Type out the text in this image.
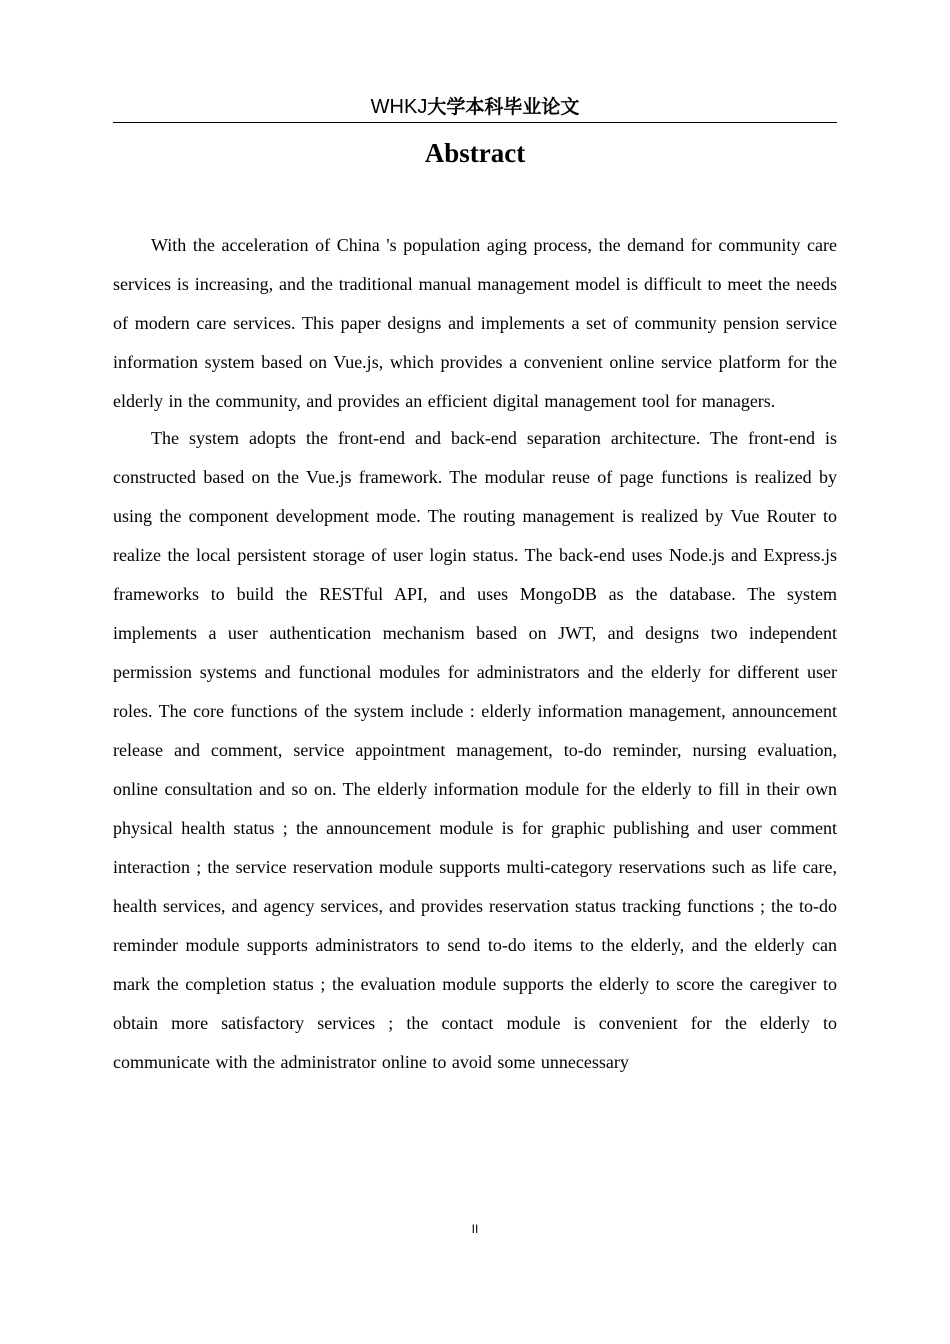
WHKJ大学本科毕业论文
Abstract

With the acceleration of China 's population aging process, the demand for community care services is increasing, and the traditional manual management model is difficult to meet the needs of modern care services. This paper designs and implements a set of community pension service information system based on Vue.js, which provides a convenient online service platform for the elderly in the community, and provides an efficient digital management tool for managers.

The system adopts the front-end and back-end separation architecture. The front-end is constructed based on the Vue.js framework. The modular reuse of page functions is realized by using the component development mode. The routing management is realized by Vue Router to realize the local persistent storage of user login status. The back-end uses Node.js and Express.js frameworks to build the RESTful API, and uses MongoDB as the database. The system implements a user authentication mechanism based on JWT, and designs two independent permission systems and functional modules for administrators and the elderly for different user roles. The core functions of the system include : elderly information management, announcement release and comment, service appointment management, to-do reminder, nursing evaluation, online consultation and so on. The elderly information module for the elderly to fill in their own physical health status ; the announcement module is for graphic publishing and user comment interaction ; the service reservation module supports multi-category reservations such as life care, health services, and agency services, and provides reservation status tracking functions ; the to-do reminder module supports administrators to send to-do items to the elderly, and the elderly can mark the completion status ; the evaluation module supports the elderly to score the caregiver to obtain more satisfactory services ; the contact module is convenient for the elderly to communicate with the administrator online to avoid some unnecessary

II
